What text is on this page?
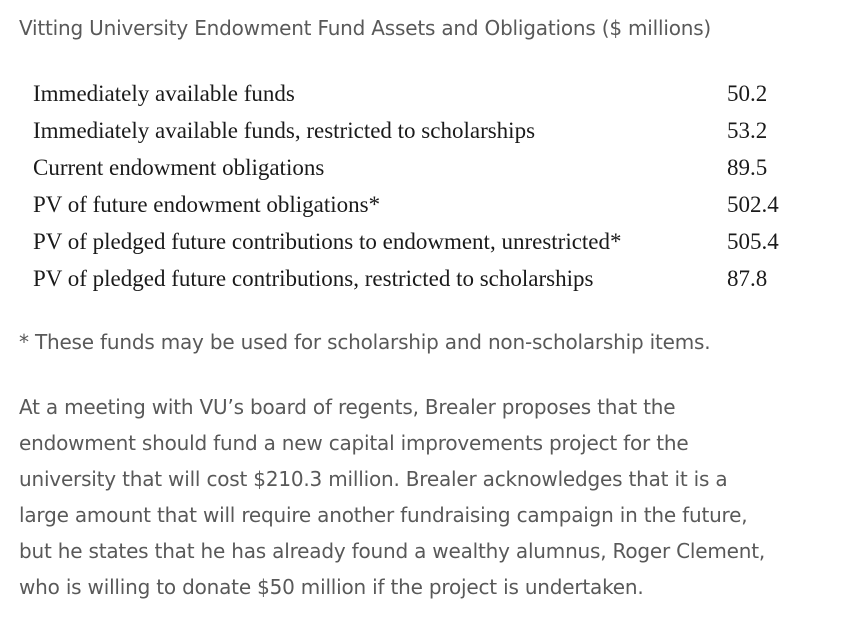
Vitting University Endowment Fund Assets and Obligations ($ millions)
Immediately available funds	50.2
Immediately available funds, restricted to scholarships	53.2
Current endowment obligations	89.5
PV of future endowment obligations*	502.4
PV of pledged future contributions to endowment, unrestricted*	505.4
PV of pledged future contributions, restricted to scholarships	87.8
* These funds may be used for scholarship and non-scholarship items.
At a meeting with VU’s board of regents, Brealer proposes that the
endowment should fund a new capital improvements project for the
university that will cost $210.3 million. Brealer acknowledges that it is a
large amount that will require another fundraising campaign in the future,
but he states that he has already found a wealthy alumnus, Roger Clement,
who is willing to donate $50 million if the project is undertaken.
